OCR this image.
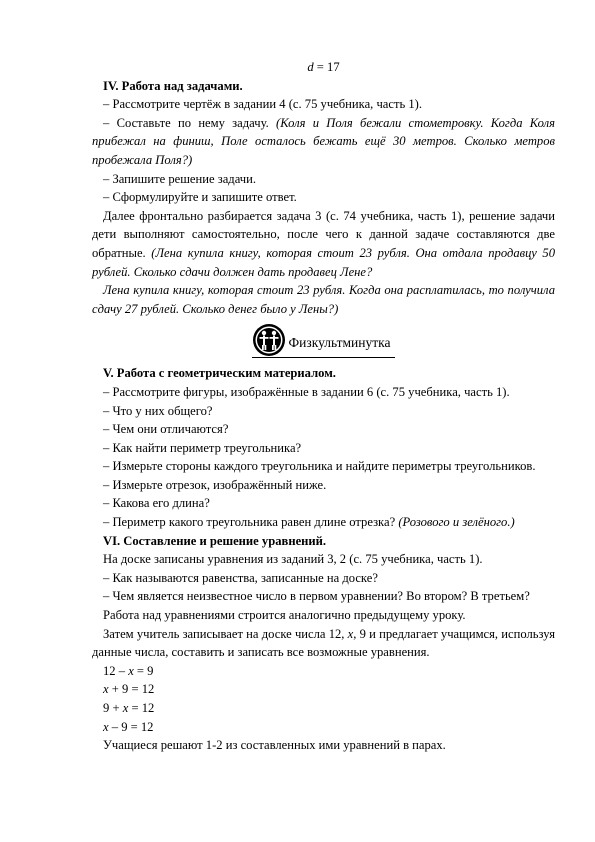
d = 17

IV. Работа над задачами.

– Рассмотрите чертёж в задании 4 (с. 75 учебника, часть 1).

– Составьте по нему задачу. (Коля и Поля бежали стометровку. Когда Коля прибежал на финиш, Поле осталось бежать ещё 30 метров. Сколько метров пробежала Поля?)

– Запишите решение задачи.

– Сформулируйте и запишите ответ.

Далее фронтально разбирается задача 3 (с. 74 учебника, часть 1), решение задачи дети выполняют самостоятельно, после чего к данной задаче составляются две обратные. (Лена купила книгу, которая стоит 23 рубля. Она отдала продавцу 50 рублей. Сколько сдачи должен дать продавец Лене?

Лена купила книгу, которая стоит 23 рубля. Когда она расплатилась, то получила сдачу 27 рублей. Сколько денег было у Лены?)

Физкультминутка

V. Работа с геометрическим материалом.

– Рассмотрите фигуры, изображённые в задании 6 (с. 75 учебника, часть 1).

– Что у них общего?

– Чем они отличаются?

– Как найти периметр треугольника?

– Измерьте стороны каждого треугольника и найдите периметры треугольников.

– Измерьте отрезок, изображённый ниже.

– Какова его длина?

– Периметр какого треугольника равен длине отрезка? (Розового и зелёного.)

VI. Составление и решение уравнений.

На доске записаны уравнения из заданий 3, 2 (с. 75 учебника, часть 1).

– Как называются равенства, записанные на доске?

– Чем является неизвестное число в первом уравнении? Во втором? В третьем?

Работа над уравнениями строится аналогично предыдущему уроку.

Затем учитель записывает на доске числа 12, x, 9 и предлагает учащимся, используя данные числа, составить и записать все возможные уравнения.

12 – x = 9

x + 9 = 12

9 + x = 12

x – 9 = 12

Учащиеся решают 1-2 из составленных ими уравнений в парах.
